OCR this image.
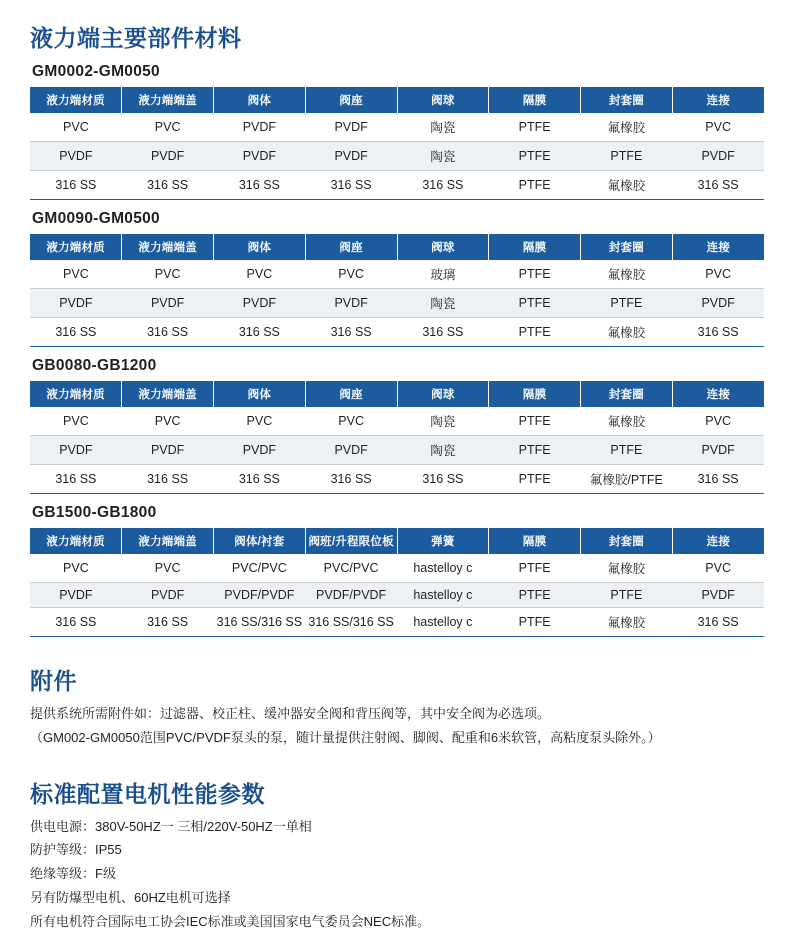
液力端主要部件材料
GM0002-GM0050
液力端材质	液力端端盖	阀体	阀座	阀球	隔膜	封套圈	连接
PVC	PVC	PVDF	PVDF	陶瓷	PTFE	氟橡胶	PVC
PVDF	PVDF	PVDF	PVDF	陶瓷	PTFE	PTFE	PVDF
316 SS	316 SS	316 SS	316 SS	316 SS	PTFE	氟橡胶	316 SS
GM0090-GM0500
液力端材质	液力端端盖	阀体	阀座	阀球	隔膜	封套圈	连接
PVC	PVC	PVC	PVC	玻璃	PTFE	氟橡胶	PVC
PVDF	PVDF	PVDF	PVDF	陶瓷	PTFE	PTFE	PVDF
316 SS	316 SS	316 SS	316 SS	316 SS	PTFE	氟橡胶	316 SS
GB0080-GB1200
液力端材质	液力端端盖	阀体	阀座	阀球	隔膜	封套圈	连接
PVC	PVC	PVC	PVC	陶瓷	PTFE	氟橡胶	PVC
PVDF	PVDF	PVDF	PVDF	陶瓷	PTFE	PTFE	PVDF
316 SS	316 SS	316 SS	316 SS	316 SS	PTFE	氟橡胶/PTFE	316 SS
GB1500-GB1800
液力端材质	液力端端盖	阀体/衬套	阀班/升程限位板	弹簧	隔膜	封套圈	连接
PVC	PVC	PVC/PVC	PVC/PVC	hastelloy c	PTFE	氟橡胶	PVC
PVDF	PVDF	PVDF/PVDF	PVDF/PVDF	hastelloy c	PTFE	PTFE	PVDF
316 SS	316 SS	316 SS/316 SS	316 SS/316 SS	hastelloy c	PTFE	氟橡胶	316 SS
附件

提供系统所需附件如：过滤器、校正柱、缓冲器安全阀和背压阀等，其中安全阀为必选项。

（GM002-GM0050范围PVC/PVDF泵头的泵，随计量提供注射阀、脚阀、配重和6米软管，高粘度泵头除外。）

标准配置电机性能参数

供电电源：380V-50HZ一 三相/220V-50HZ一单相

防护等级：IP55

绝缘等级：F级

另有防爆型电机、60HZ电机可选择

所有电机符合国际电工协会IEC标准或美国国家电气委员会NEC标准。
